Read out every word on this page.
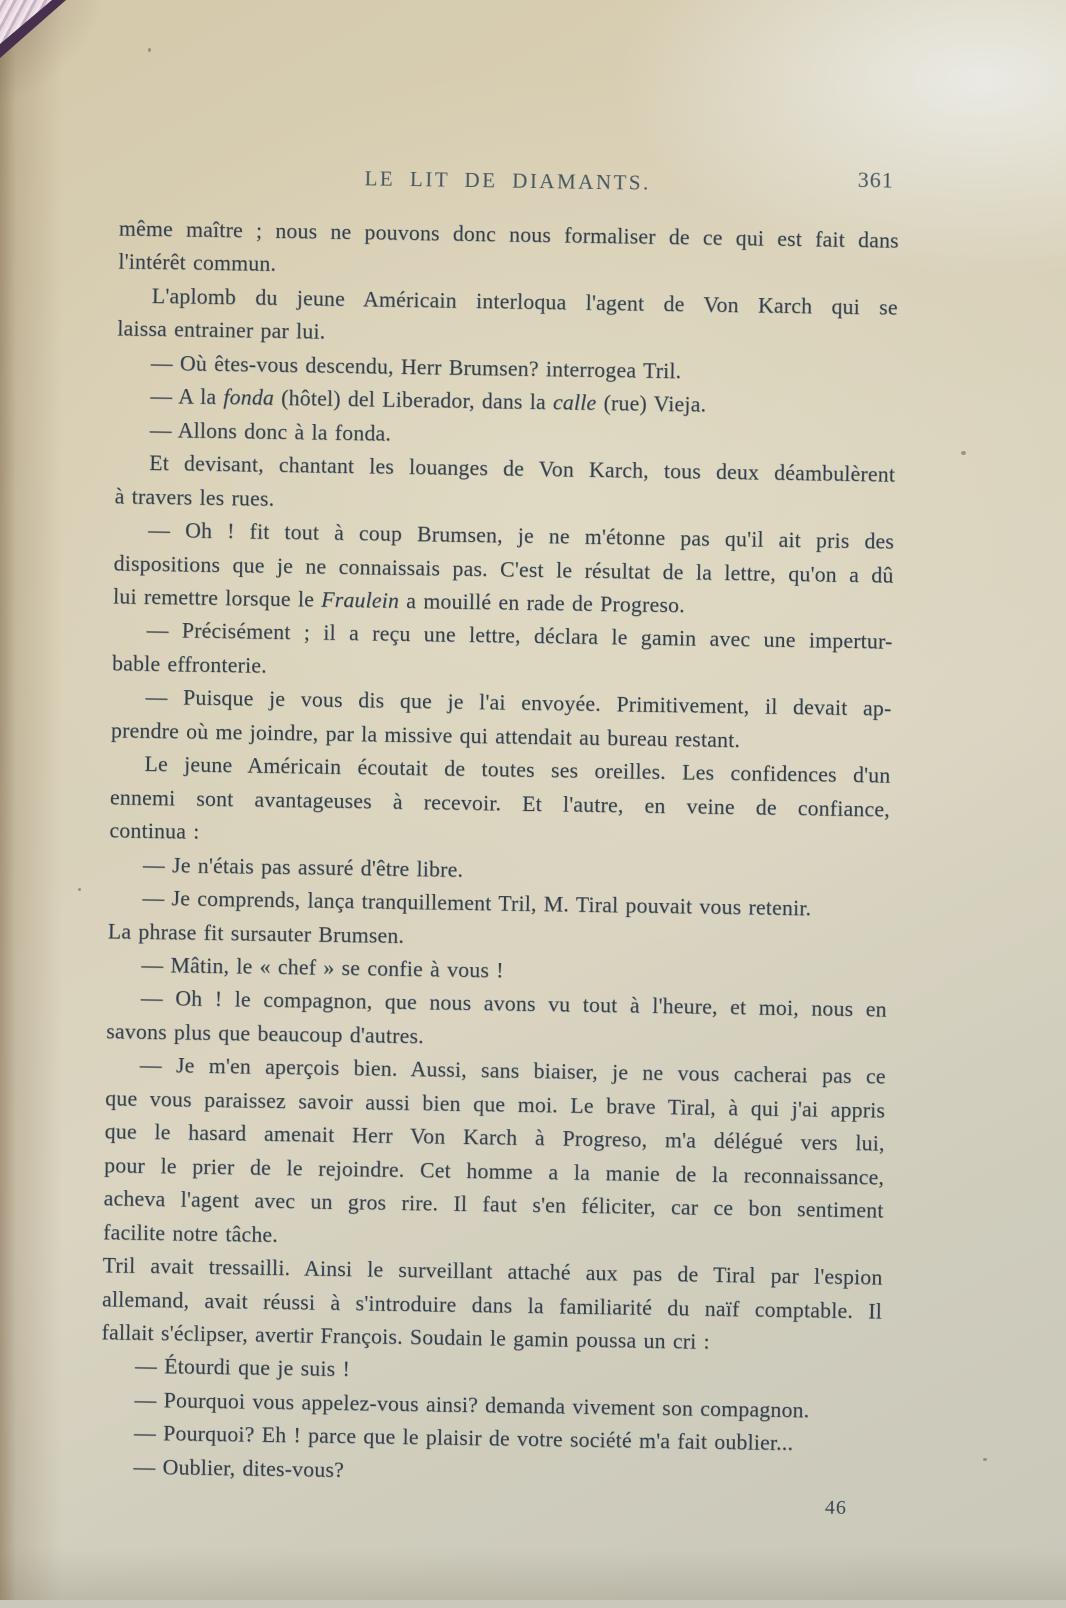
LE LIT DE DIAMANTS.	361
même maître ; nous ne pouvons donc nous formaliser de ce qui est fait dans
l'intérêt commun.
L'aplomb du jeune Américain interloqua l'agent de Von Karch qui se
laissa entrainer par lui.
— Où êtes-vous descendu, Herr Brumsen? interrogea Tril.
— A la fonda (hôtel) del Liberador, dans la calle (rue) Vieja.
— Allons donc à la fonda.
Et devisant, chantant les louanges de Von Karch, tous deux déambulèrent
à travers les rues.
— Oh ! fit tout à coup Brumsen, je ne m'étonne pas qu'il ait pris des
dispositions que je ne connaissais pas. C'est le résultat de la lettre, qu'on a dû
lui remettre lorsque le Fraulein a mouillé en rade de Progreso.
— Précisément ; il a reçu une lettre, déclara le gamin avec une impertur-
bable effronterie.
— Puisque je vous dis que je l'ai envoyée. Primitivement, il devait ap-
prendre où me joindre, par la missive qui attendait au bureau restant.
Le jeune Américain écoutait de toutes ses oreilles. Les confidences d'un
ennemi sont avantageuses à recevoir. Et l'autre, en veine de confiance,
continua :
— Je n'étais pas assuré d'être libre.
— Je comprends, lança tranquillement Tril, M. Tiral pouvait vous retenir.
La phrase fit sursauter Brumsen.
— Mâtin, le « chef » se confie à vous !
— Oh ! le compagnon, que nous avons vu tout à l'heure, et moi, nous en
savons plus que beaucoup d'autres.
— Je m'en aperçois bien. Aussi, sans biaiser, je ne vous cacherai pas ce
que vous paraissez savoir aussi bien que moi. Le brave Tiral, à qui j'ai appris
que le hasard amenait Herr Von Karch à Progreso, m'a délégué vers lui,
pour le prier de le rejoindre. Cet homme a la manie de la reconnaissance,
acheva l'agent avec un gros rire. Il faut s'en féliciter, car ce bon sentiment
facilite notre tâche.
Tril avait tressailli. Ainsi le surveillant attaché aux pas de Tiral par l'espion
allemand, avait réussi à s'introduire dans la familiarité du naïf comptable. Il
fallait s'éclipser, avertir François. Soudain le gamin poussa un cri :
— Étourdi que je suis !
— Pourquoi vous appelez-vous ainsi? demanda vivement son compagnon.
— Pourquoi? Eh ! parce que le plaisir de votre société m'a fait oublier...
— Oublier, dites-vous?
46
